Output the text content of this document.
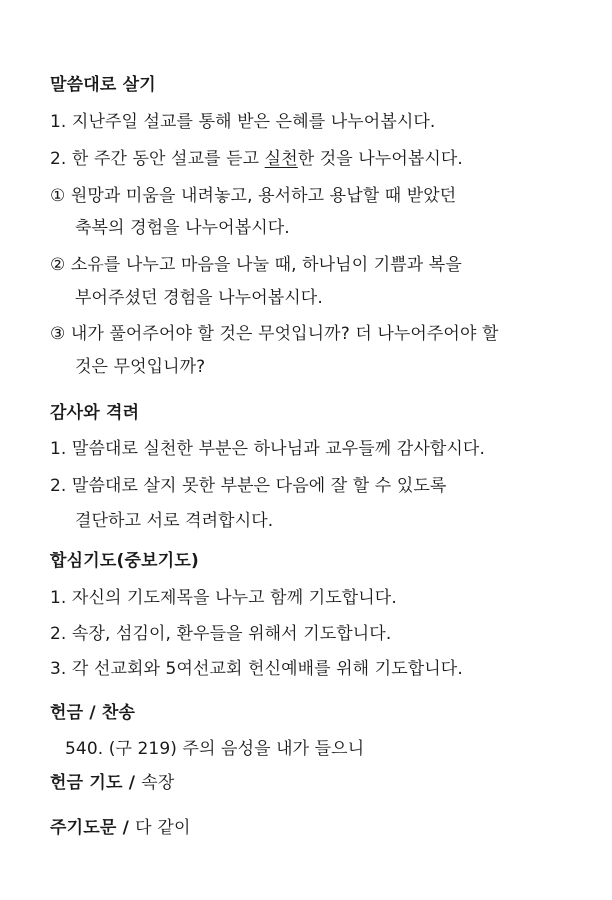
말씀대로 살기
1. 지난주일 설교를 통해 받은 은혜를 나누어봅시다.
2. 한 주간 동안 설교를 듣고 실천한 것을 나누어봅시다.
① 원망과 미움을 내려놓고, 용서하고 용납할 때 받았던
축복의 경험을 나누어봅시다.
② 소유를 나누고 마음을 나눌 때, 하나님이 기쁨과 복을
부어주셨던 경험을 나누어봅시다.
③ 내가 풀어주어야 할 것은 무엇입니까? 더 나누어주어야 할
것은 무엇입니까?
감사와 격려
1. 말씀대로 실천한 부분은 하나님과 교우들께 감사합시다.
2. 말씀대로 살지 못한 부분은 다음에 잘 할 수 있도록
결단하고 서로 격려합시다.
합심기도(중보기도)
1. 자신의 기도제목을 나누고 함께 기도합니다.
2. 속장, 섬김이, 환우들을 위해서 기도합니다.
3. 각 선교회와 5여선교회 헌신예배를 위해 기도합니다.
헌금 / 찬송
540. (구 219) 주의 음성을 내가 들으니
헌금 기도 / 속장
주기도문 / 다 같이
